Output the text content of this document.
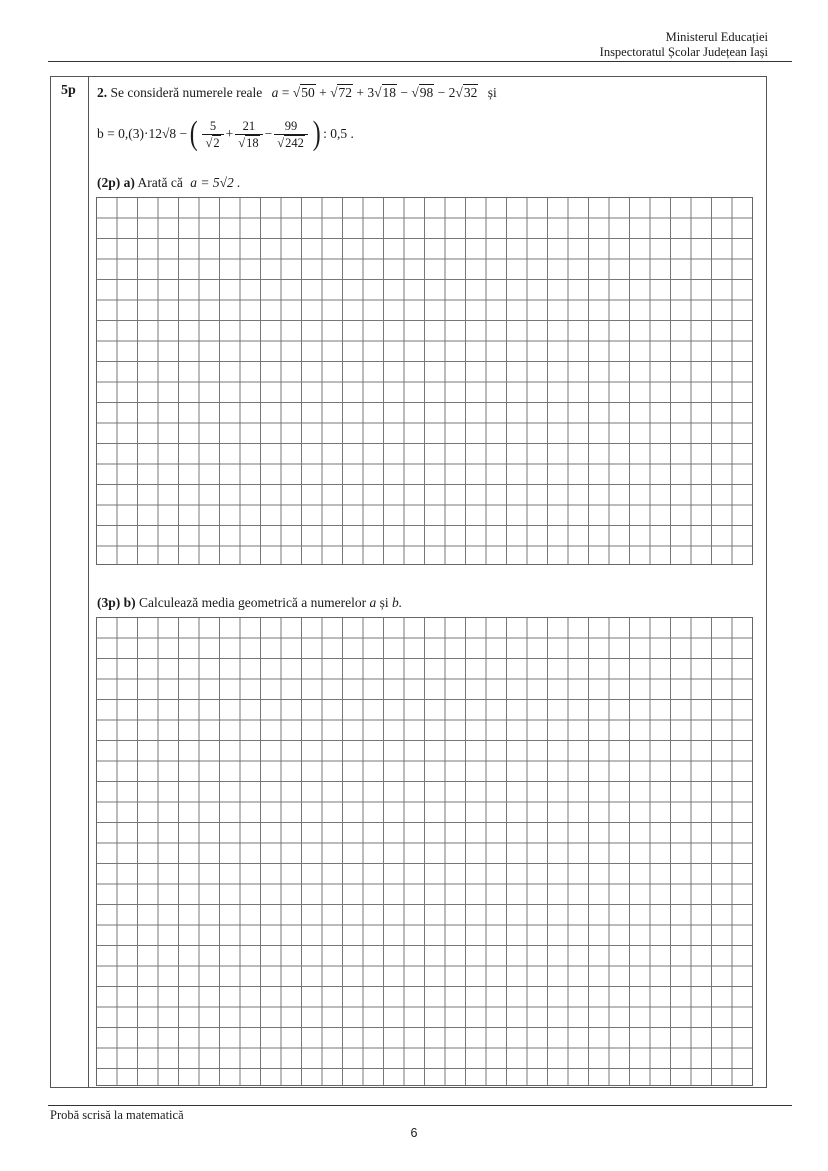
Ministerul Educației
Inspectoratul Școlar Județean Iași
5p 2. Se consideră numerele reale a = √50 + √72 + 3√18 − √98 − 2√32 și
b = 0,(3)·12√8 − ( $\frac{5}{√2} + \frac{21}{√18} - \frac{99}{√242}$ ) : 0,5 .
(2p) a) Arată că a = 5√2 .
(3p) b) Calculează media geometrică a numerelor a și b.
Probă scrisă la matematică
6
